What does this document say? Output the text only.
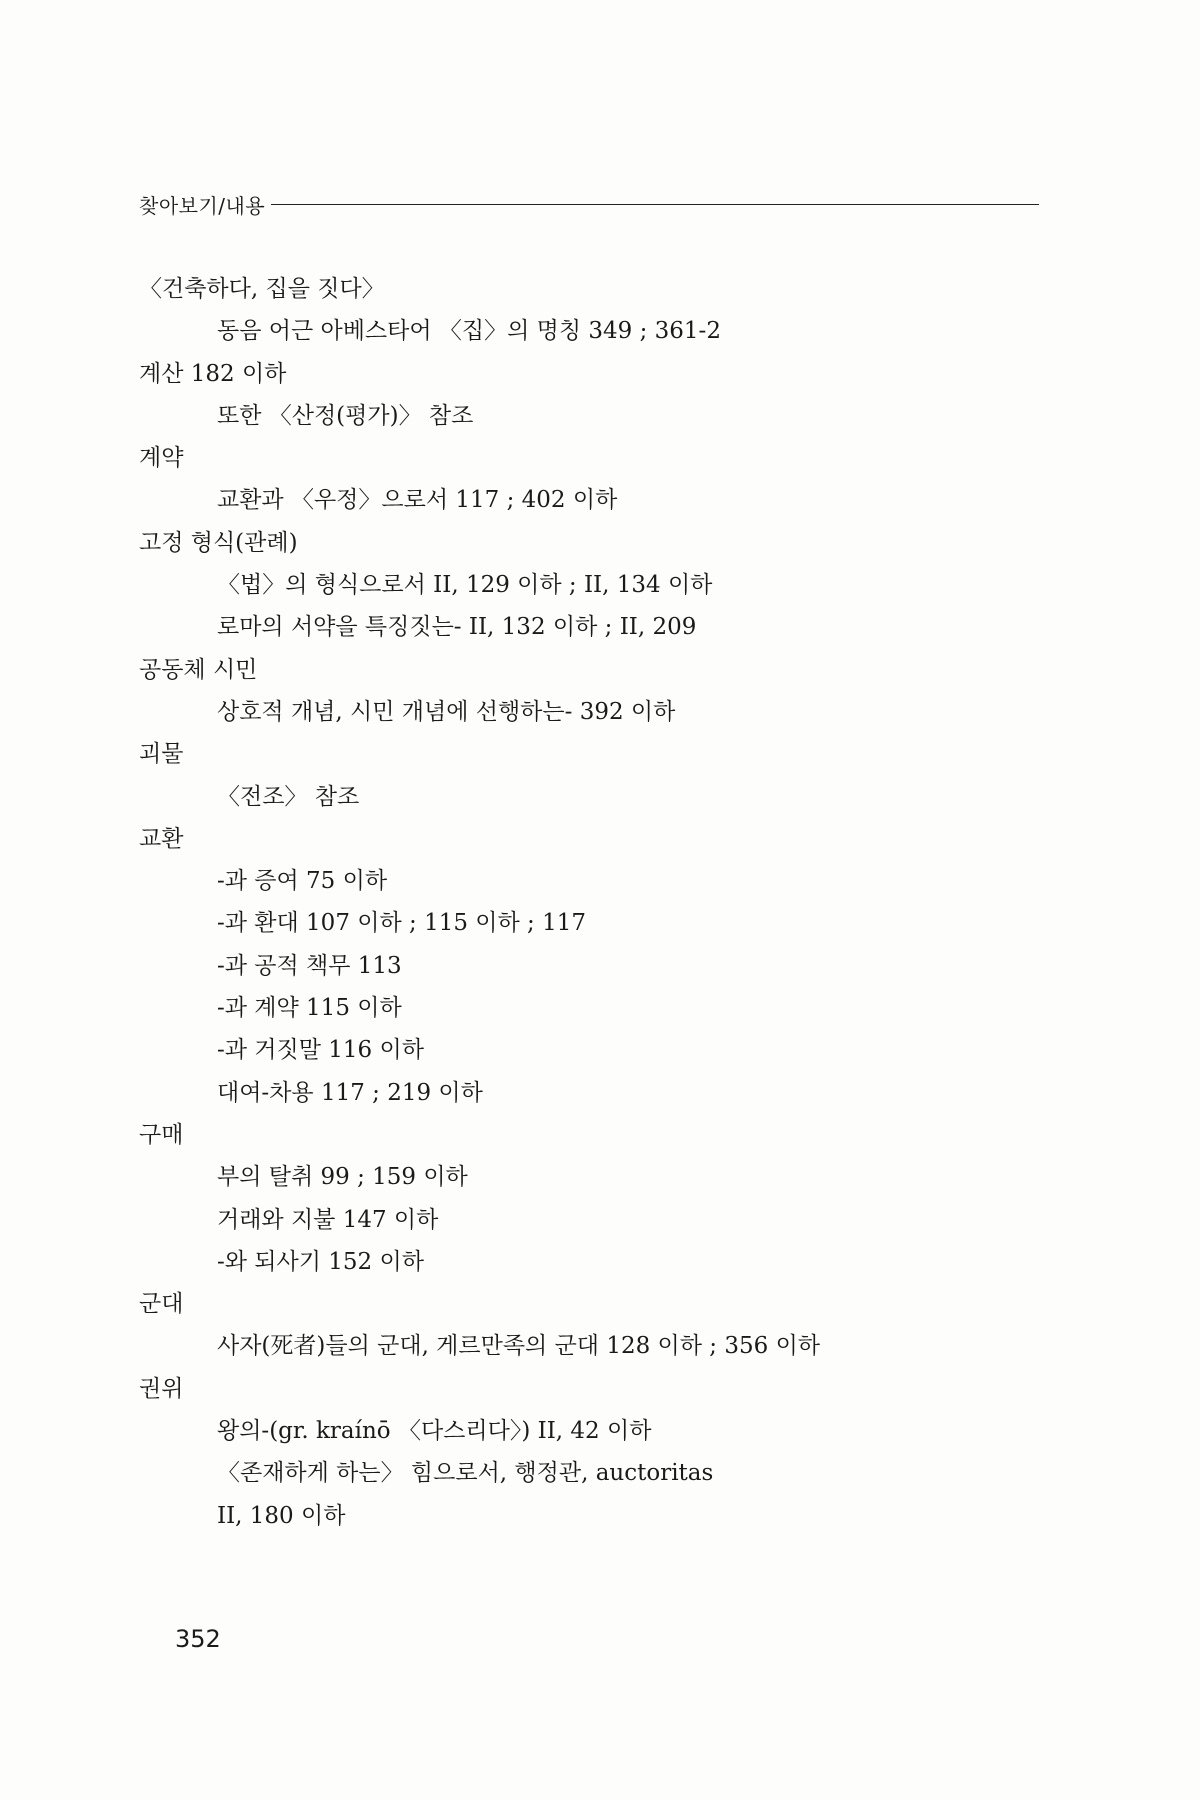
찾아보기/내용
〈건축하다, 집을 짓다〉
동음 어근 아베스타어 〈집〉의 명칭 349 ; 361-2
계산 182 이하
또한 〈산정(평가)〉 참조
계약
교환과 〈우정〉으로서 117 ; 402 이하
고정 형식(관례)
〈법〉의 형식으로서 II, 129 이하 ; II, 134 이하
로마의 서약을 특징짓는- II, 132 이하 ; II, 209
공동체 시민
상호적 개념, 시민 개념에 선행하는- 392 이하
괴물
〈전조〉 참조
교환
-과 증여 75 이하
-과 환대 107 이하 ; 115 이하 ; 117
-과 공적 책무 113
-과 계약 115 이하
-과 거짓말 116 이하
대여-차용 117 ; 219 이하
구매
부의 탈취 99 ; 159 이하
거래와 지불 147 이하
-와 되사기 152 이하
군대
사자(死者)들의 군대, 게르만족의 군대 128 이하 ; 356 이하
권위
왕의-(gr. kraínō 〈다스리다〉) II, 42 이하
〈존재하게 하는〉 힘으로서, 행정관, auctoritas
II, 180 이하
352
